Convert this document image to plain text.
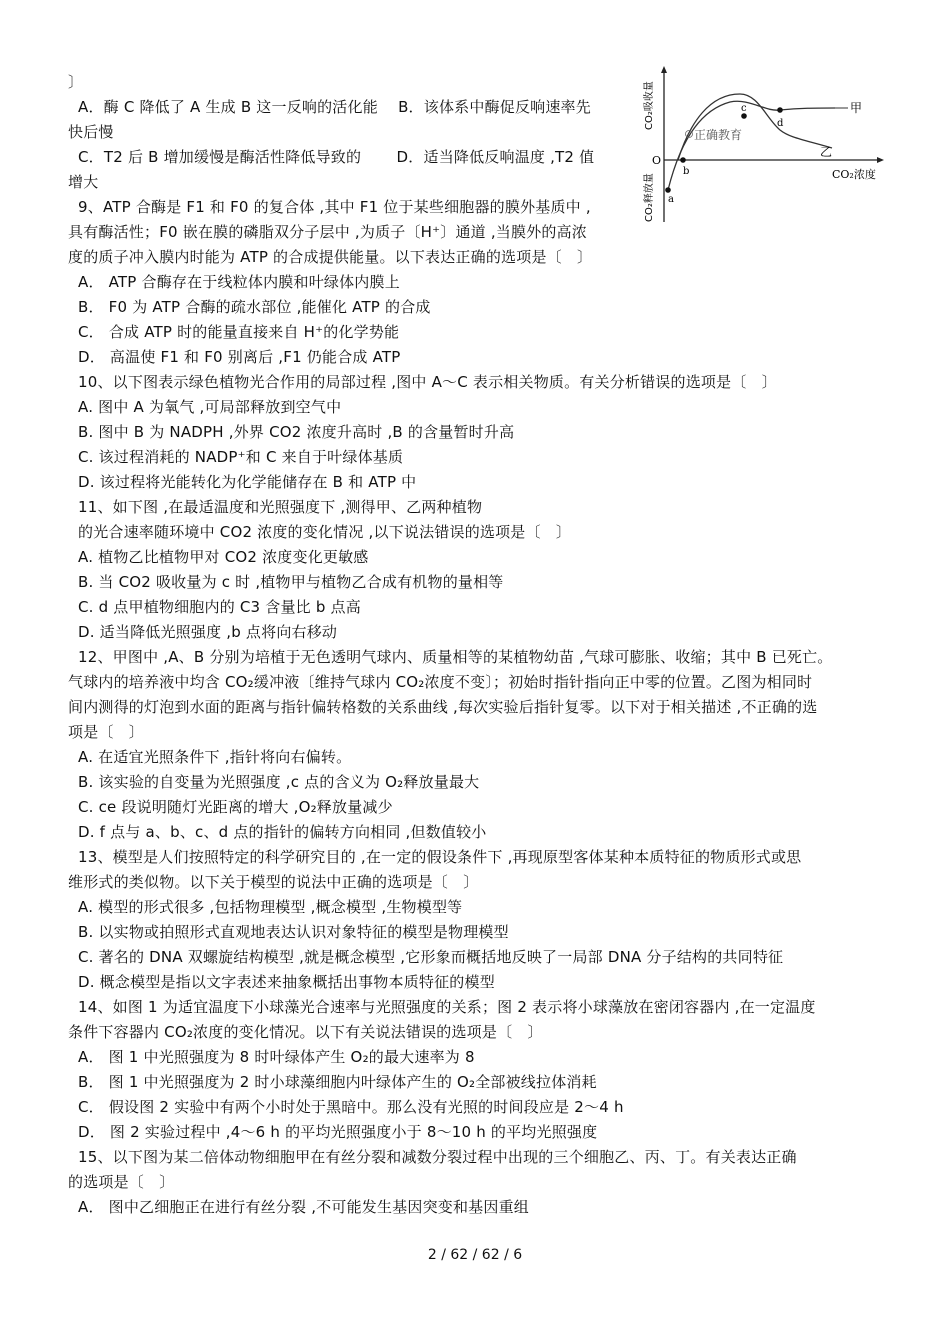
〕
A．酶 C 降低了 A 生成 B 这一反响的活化能　 B．该体系中酶促反响速率先
快后慢
C．T2 后 B 增加缓慢是酶活性降低导致的　　 D．适当降低反响温度 ,T2 值
增大
9、ATP 合酶是 F1 和 F0 的复合体 ,其中 F1 位于某些细胞器的膜外基质中 ,
具有酶活性；F0 嵌在膜的磷脂双分子层中 ,为质子〔H⁺〕通道 ,当膜外的高浓
度的质子冲入膜内时能为 ATP 的合成提供能量。以下表达正确的选项是〔　〕
A． ATP 合酶存在于线粒体内膜和叶绿体内膜上
B． F0 为 ATP 合酶的疏水部位 ,能催化 ATP 的合成
C． 合成 ATP 时的能量直接来自 H⁺的化学势能
D． 高温使 F1 和 F0 别离后 ,F1 仍能合成 ATP
10、以下图表示绿色植物光合作用的局部过程 ,图中 A～C 表示相关物质。有关分析错误的选项是〔　〕
A. 图中 A 为氧气 ,可局部释放到空气中
B. 图中 B 为 NADPH ,外界 CO2 浓度升高时 ,B 的含量暂时升高
C. 该过程消耗的 NADP⁺和 C 来自于叶绿体基质
D. 该过程将光能转化为化学能储存在 B 和 ATP 中
11、如下图 ,在最适温度和光照强度下 ,测得甲、乙两种植物
的光合速率随环境中 CO2 浓度的变化情况 ,以下说法错误的选项是〔　〕
A. 植物乙比植物甲对 CO2 浓度变化更敏感
B. 当 CO2 吸收量为 c 时 ,植物甲与植物乙合成有机物的量相等
C. d 点甲植物细胞内的 C3 含量比 b 点高
D. 适当降低光照强度 ,b 点将向右移动
12、甲图中 ,A、B 分别为培植于无色透明气球内、质量相等的某植物幼苗 ,气球可膨胀、收缩；其中 B 已死亡。
气球内的培养液中均含 CO₂缓冲液〔维持气球内 CO₂浓度不变〕；初始时指针指向正中零的位置。乙图为相同时
间内测得的灯泡到水面的距离与指针偏转格数的关系曲线 ,每次实验后指针复零。以下对于相关描述 ,不正确的选
项是〔　〕
A. 在适宜光照条件下 ,指针将向右偏转。
B. 该实验的自变量为光照强度 ,c 点的含义为 O₂释放量最大
C. ce 段说明随灯光距离的增大 ,O₂释放量减少
D. f 点与 a、b、c、d 点的指针的偏转方向相同 ,但数值较小
13、模型是人们按照特定的科学研究目的 ,在一定的假设条件下 ,再现原型客体某种本质特征的物质形式或思
维形式的类似物。以下关于模型的说法中正确的选项是〔　〕
A. 模型的形式很多 ,包括物理模型 ,概念模型 ,生物模型等
B. 以实物或拍照形式直观地表达认识对象特征的模型是物理模型
C. 著名的 DNA 双螺旋结构模型 ,就是概念模型 ,它形象而概括地反映了一局部 DNA 分子结构的共同特征
D. 概念模型是指以文字表述来抽象概括出事物本质特征的模型
14、如图 1 为适宜温度下小球藻光合速率与光照强度的关系；图 2 表示将小球藻放在密闭容器内 ,在一定温度
条件下容器内 CO₂浓度的变化情况。以下有关说法错误的选项是〔　〕
A． 图 1 中光照强度为 8 时叶绿体产生 O₂的最大速率为 8
B． 图 1 中光照强度为 2 时小球藻细胞内叶绿体产生的 O₂全部被线拉体消耗
C． 假设图 2 实验中有两个小时处于黑暗中。那么没有光照的时间段应是 2～4 h
D． 图 2 实验过程中 ,4～6 h 的平均光照强度小于 8～10 h 的平均光照强度
15、以下图为某二倍体动物细胞甲在有丝分裂和减数分裂过程中出现的三个细胞乙、丙、丁。有关表达正确
的选项是〔　〕
A． 图中乙细胞正在进行有丝分裂 ,不可能发生基因突变和基因重组
CO₂吸收量
CO₂释放量	CO₂浓度
O
a
b
c
d
甲
乙
正确教育
2 / 62 / 62 / 6
